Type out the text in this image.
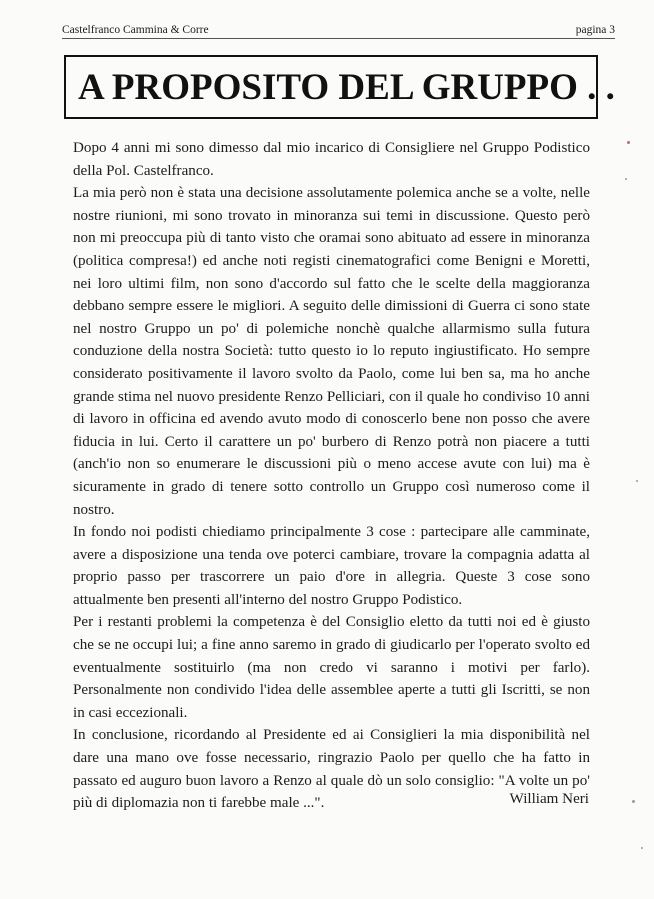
Castelfranco Cammina & Corre	pagina 3
A PROPOSITO DEL GRUPPO . .

Dopo 4 anni mi sono dimesso dal mio incarico di Consigliere nel Gruppo Podistico della Pol. Castelfranco.

La mia però non è stata una decisione assolutamente polemica anche se a volte, nelle nostre riunioni, mi sono trovato in minoranza sui temi in discussione. Questo però non mi preoccupa più di tanto visto che oramai sono abituato ad essere in minoranza (politica compresa!) ed anche noti registi cinematografici come Benigni e Moretti, nei loro ultimi film, non sono d'accordo sul fatto che le scelte della maggioranza debbano sempre essere le migliori. A seguito delle dimissioni di Guerra ci sono state nel nostro Gruppo un po' di polemiche nonchè qualche allarmismo sulla futura conduzione della nostra Società: tutto questo io lo reputo ingiustificato. Ho sempre considerato positivamente il lavoro svolto da Paolo, come lui ben sa, ma ho anche grande stima nel nuovo presidente Renzo Pelliciari, con il quale ho condiviso 10 anni di lavoro in officina ed avendo avuto modo di conoscerlo bene non posso che avere fiducia in lui. Certo il carattere un po' burbero di Renzo potrà non piacere a tutti (anch'io non so enumerare le discussioni più o meno accese avute con lui) ma è sicuramente in grado di tenere sotto controllo un Gruppo così numeroso come il nostro.

In fondo noi podisti chiediamo principalmente 3 cose : partecipare alle camminate, avere a disposizione una tenda ove poterci cambiare, trovare la compagnia adatta al proprio passo per trascorrere un paio d'ore in allegria. Queste 3 cose sono attualmente ben presenti all'interno del nostro Gruppo Podistico.

Per i restanti problemi la competenza è del Consiglio eletto da tutti noi ed è giusto che se ne occupi lui; a fine anno saremo in grado di giudicarlo per l'operato svolto ed eventualmente sostituirlo (ma non credo vi saranno i motivi per farlo). Personalmente non condivido l'idea delle assemblee aperte a tutti gli Iscritti, se non in casi eccezionali.

In conclusione, ricordando al Presidente ed ai Consiglieri la mia disponibilità nel dare una mano ove fosse necessario, ringrazio Paolo per quello che ha fatto in passato ed auguro buon lavoro a Renzo al quale dò un solo consiglio: "A volte un po' più di diplomazia non ti farebbe male ...".	William Neri
